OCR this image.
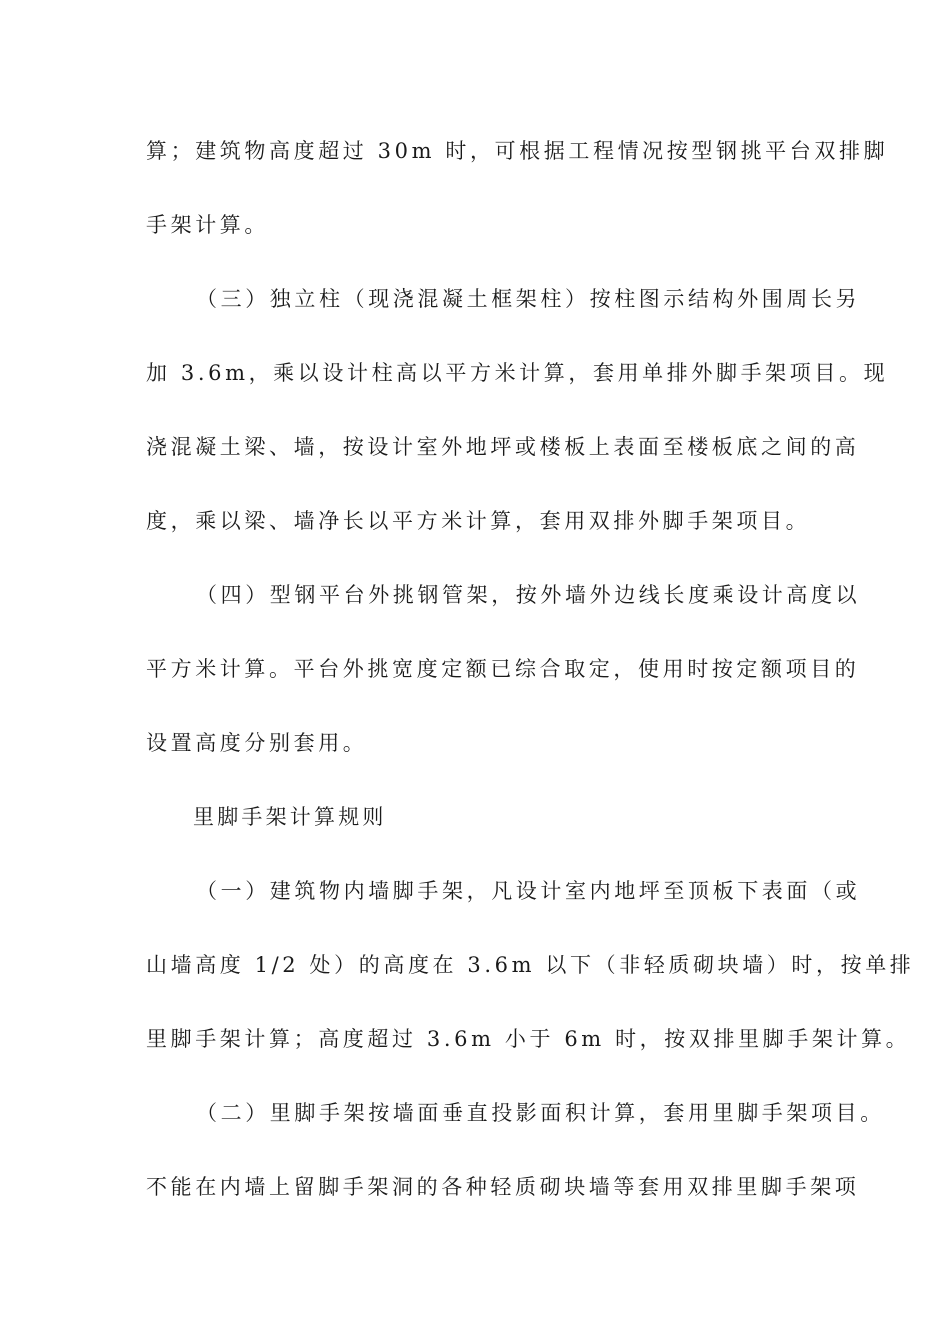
算；建筑物高度超过 30m 时，可根据工程情况按型钢挑平台双排脚
手架计算。
（三）独立柱（现浇混凝土框架柱）按柱图示结构外围周长另
加 3.6m，乘以设计柱高以平方米计算，套用单排外脚手架项目。现
浇混凝土梁、墙，按设计室外地坪或楼板上表面至楼板底之间的高
度，乘以梁、墙净长以平方米计算，套用双排外脚手架项目。
（四）型钢平台外挑钢管架，按外墙外边线长度乘设计高度以
平方米计算。平台外挑宽度定额已综合取定，使用时按定额项目的
设置高度分别套用。
里脚手架计算规则
（一）建筑物内墙脚手架，凡设计室内地坪至顶板下表面（或
山墙高度 1/2 处）的高度在 3.6m 以下（非轻质砌块墙）时，按单排
里脚手架计算；高度超过 3.6m 小于 6m 时，按双排里脚手架计算。
（二）里脚手架按墙面垂直投影面积计算，套用里脚手架项目。
不能在内墙上留脚手架洞的各种轻质砌块墙等套用双排里脚手架项
